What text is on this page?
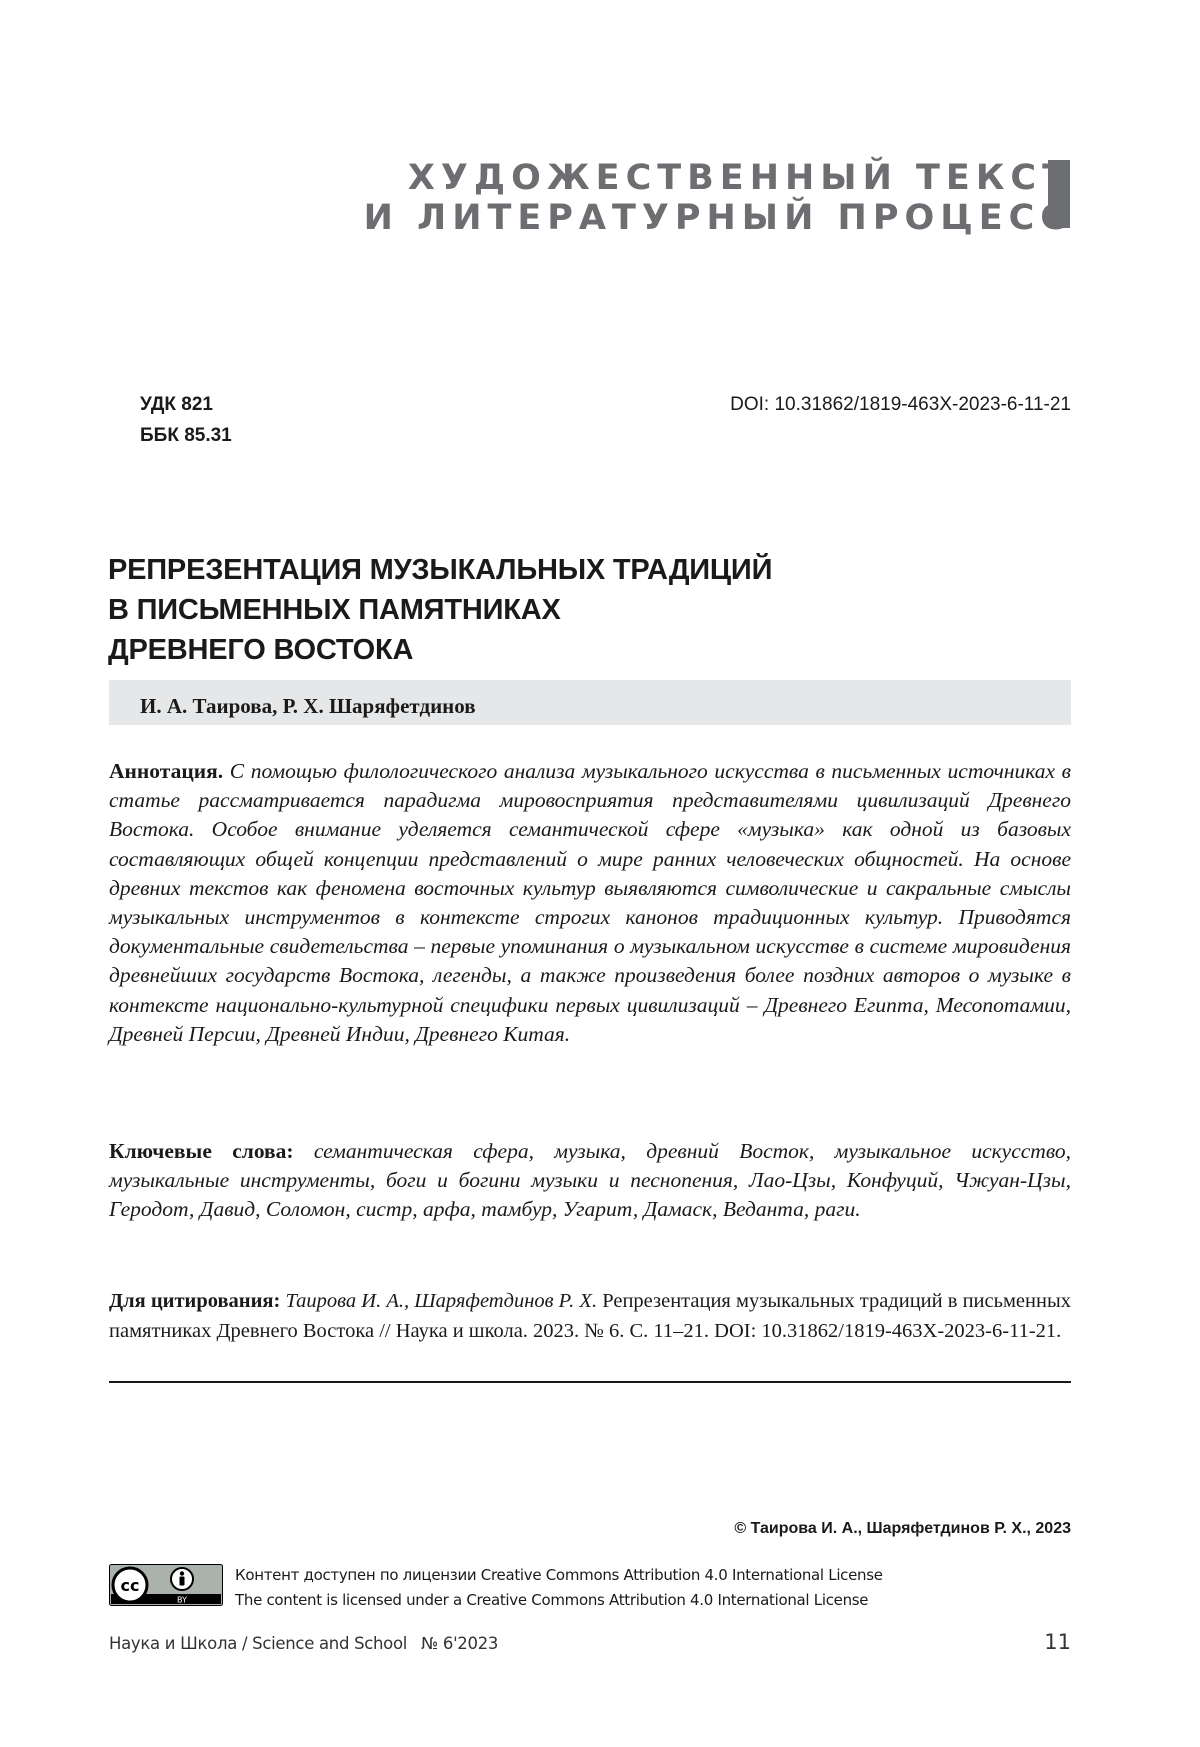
ХУДОЖЕСТВЕННЫЙ ТЕКСТ
И ЛИТЕРАТУРНЫЙ ПРОЦЕСС
УДК 821
ББК 85.31
DOI: 10.31862/1819-463X-2023-6-11-21
РЕПРЕЗЕНТАЦИЯ МУЗЫКАЛЬНЫХ ТРАДИЦИЙ
В ПИСЬМЕННЫХ ПАМЯТНИКАХ
ДРЕВНЕГО ВОСТОКА
И. А. Таирова, Р. Х. Шаряфетдинов
Аннотация. С помощью филологического анализа музыкального искусства в пись­менных источниках в статье рассматривается парадигма мировосприятия пред­ставителями цивилизаций Древнего Востока. Особое внимание уделяется семан­тической сфере «музыка» как одной из базовых составляющих общей концепции представлений о мире ранних человеческих общностей. На основе древних текстов как феномена восточных культур выявляются символические и сакральные смыслы музыкальных инструментов в контексте строгих канонов традиционных культур. Приводятся документальные свидетельства – первые упоминания о музыкальном ис­кусстве в системе мировидения древнейших государств Востока, легенды, а также произведения более поздних авторов о музыке в контексте национально-культурной специфики первых цивилизаций – Древнего Египта, Месопотамии, Древней Персии, Древней Индии, Древнего Китая.
Ключевые слова: семантическая сфера, музыка, древний Восток, музыкальное искус­ство, музыкальные инструменты, боги и богини музыки и песнопения, Лао-Цзы, Кон­фуций, Чжуан-Цзы, Геродот, Давид, Соломон, систр, арфа, тамбур, Угарит, Дамаск, Веданта, раги.
Для цитирования: Таирова И. А., Шаряфетдинов Р. Х. Репрезентация музыкальных традиций в письменных памятниках Древнего Востока // Наука и школа. 2023. № 6. С. 11–21. DOI: 10.31862/1819-463X-2023-6-11-21.
© Таирова И. А., Шаряфетдинов Р. Х., 2023
cc
BY
Контент доступен по лицензии Creative Commons Attribution 4.0 International License
The content is licensed under a Creative Commons Attribution 4.0 International License
Наука и Школа / Science and School № 6'2023	11
